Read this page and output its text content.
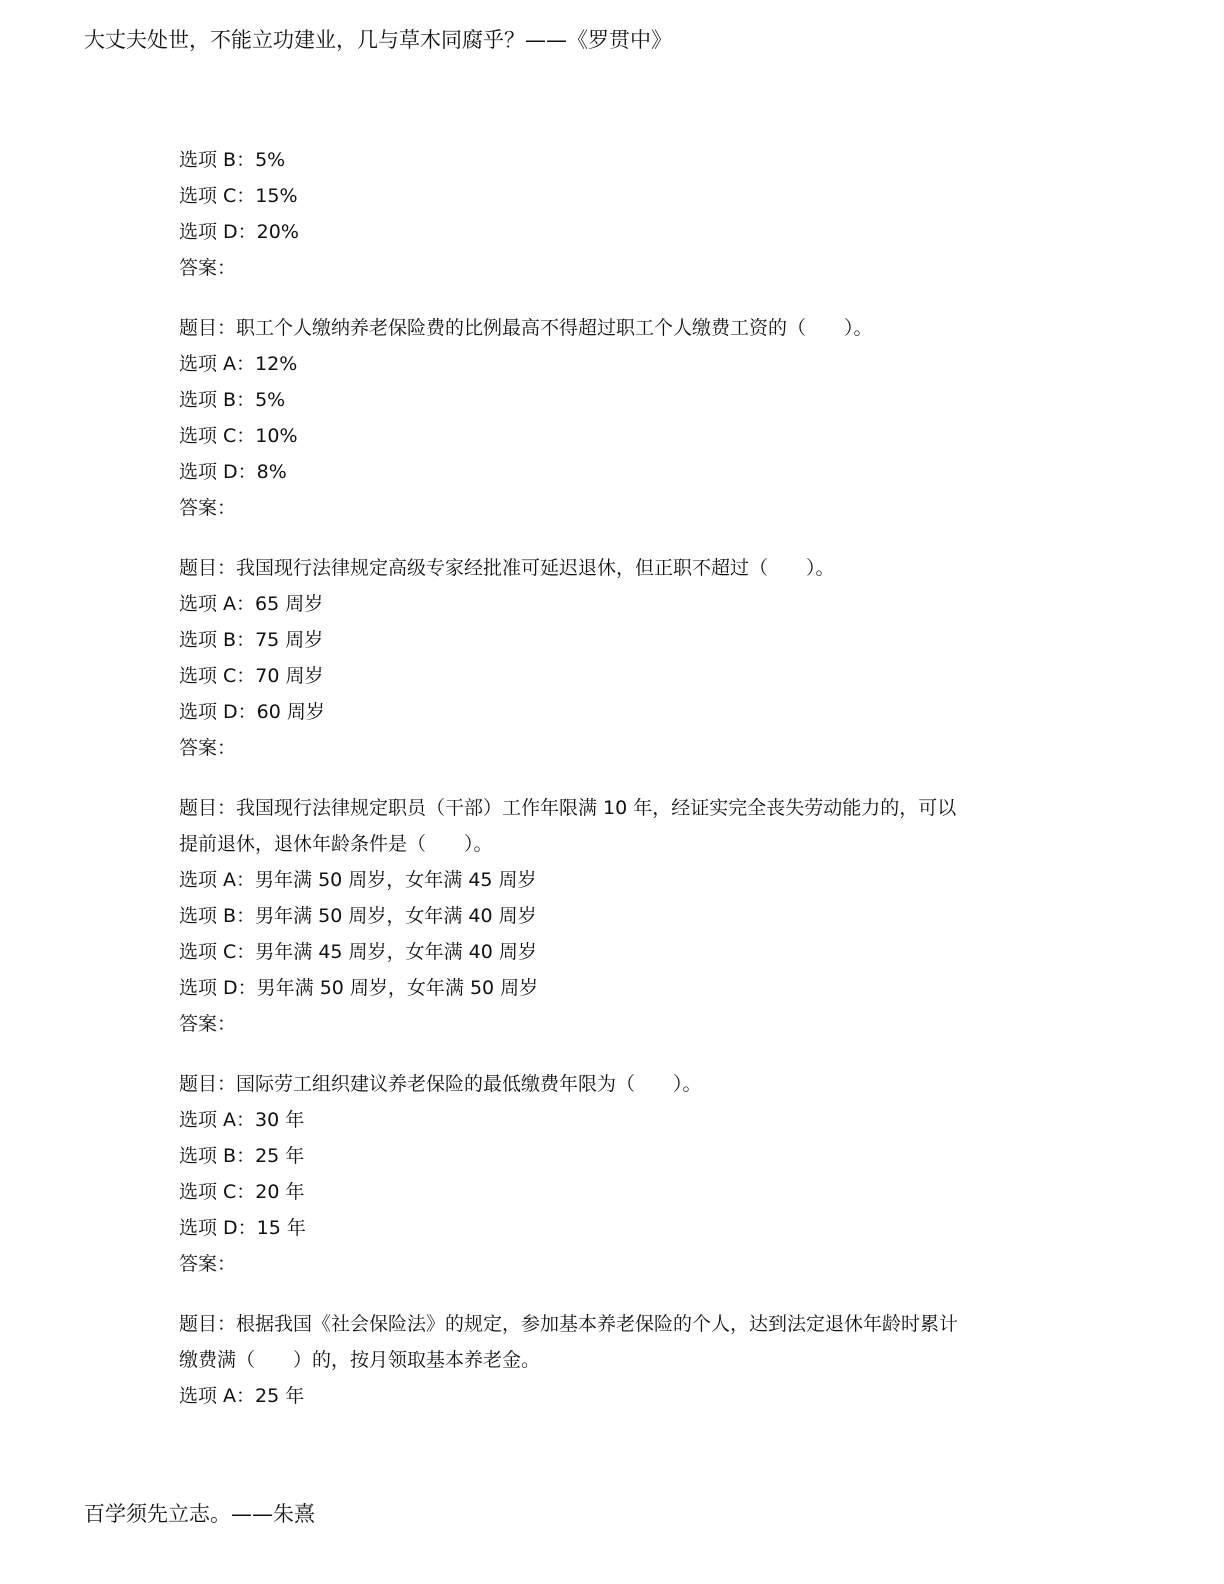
大丈夫处世，不能立功建业，几与草木同腐乎？——《罗贯中》
选项 B：5%
选项 C：15%
选项 D：20%
答案：
题目：职工个人缴纳养老保险费的比例最高不得超过职工个人缴费工资的（　　）。
选项 A：12%
选项 B：5%
选项 C：10%
选项 D：8%
答案：
题目：我国现行法律规定高级专家经批准可延迟退休，但正职不超过（　　）。
选项 A：65 周岁
选项 B：75 周岁
选项 C：70 周岁
选项 D：60 周岁
答案：
题目：我国现行法律规定职员（干部）工作年限满 10 年，经证实完全丧失劳动能力的，可以
提前退休，退休年龄条件是（　　）。
选项 A：男年满 50 周岁，女年满 45 周岁
选项 B：男年满 50 周岁，女年满 40 周岁
选项 C：男年满 45 周岁，女年满 40 周岁
选项 D：男年满 50 周岁，女年满 50 周岁
答案：
题目：国际劳工组织建议养老保险的最低缴费年限为（　　）。
选项 A：30 年
选项 B：25 年
选项 C：20 年
选项 D：15 年
答案：
题目：根据我国《社会保险法》的规定，参加基本养老保险的个人，达到法定退休年龄时累计
缴费满（　　）的，按月领取基本养老金。
选项 A：25 年
百学须先立志。——朱熹
